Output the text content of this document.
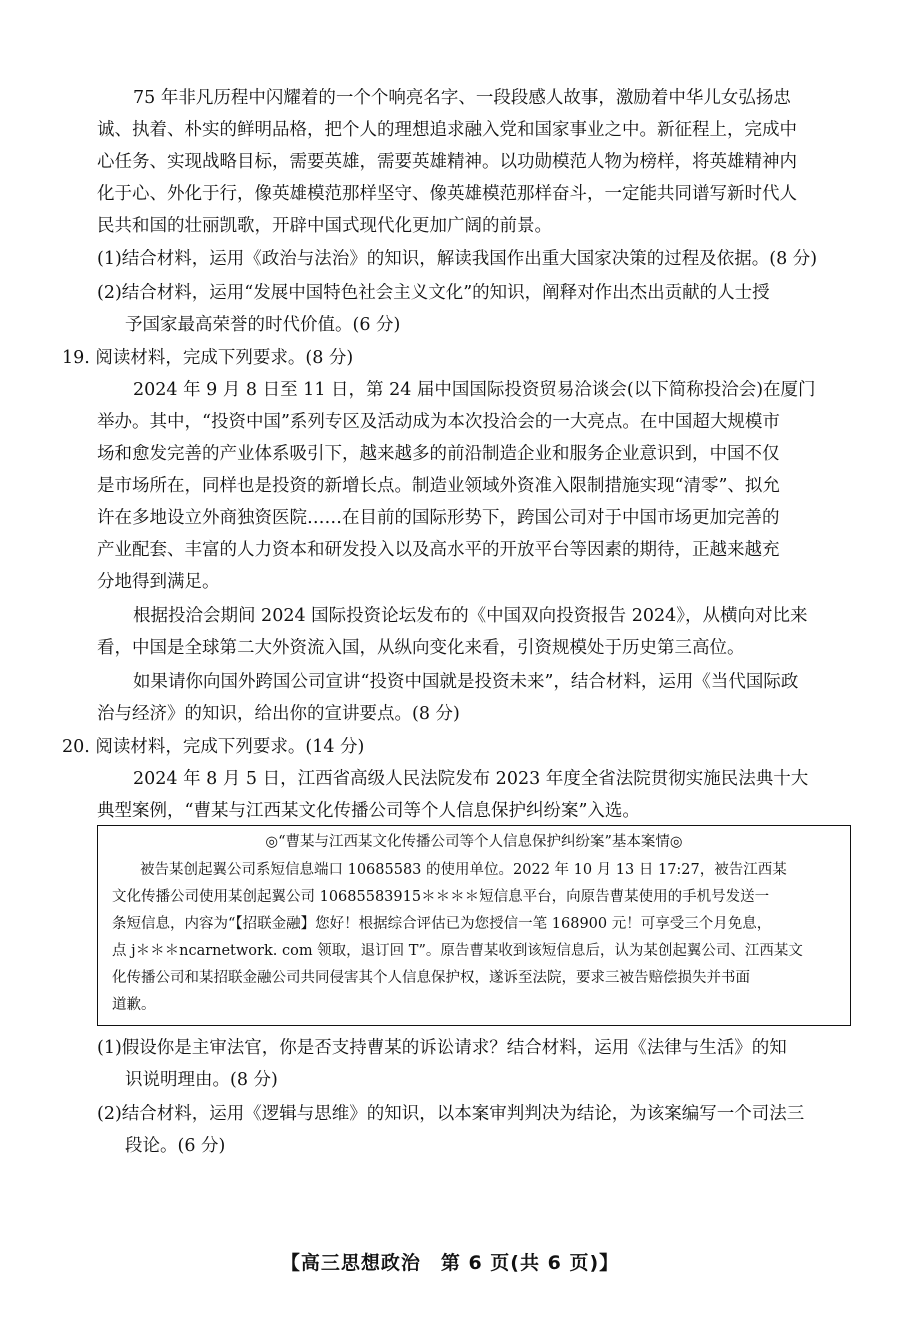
75 年非凡历程中闪耀着的一个个响亮名字、一段段感人故事，激励着中华儿女弘扬忠
诚、执着、朴实的鲜明品格，把个人的理想追求融入党和国家事业之中。新征程上，完成中
心任务、实现战略目标，需要英雄，需要英雄精神。以功勋模范人物为榜样，将英雄精神内
化于心、外化于行，像英雄模范那样坚守、像英雄模范那样奋斗，一定能共同谱写新时代人
民共和国的壮丽凯歌，开辟中国式现代化更加广阔的前景。
(1)结合材料，运用《政治与法治》的知识，解读我国作出重大国家决策的过程及依据。(8 分)
(2)结合材料，运用“发展中国特色社会主义文化”的知识，阐释对作出杰出贡献的人士授
予国家最高荣誉的时代价值。(6 分)
19. 阅读材料，完成下列要求。(8 分)
2024 年 9 月 8 日至 11 日，第 24 届中国国际投资贸易洽谈会(以下简称投洽会)在厦门
举办。其中，“投资中国”系列专区及活动成为本次投洽会的一大亮点。在中国超大规模市
场和愈发完善的产业体系吸引下，越来越多的前沿制造企业和服务企业意识到，中国不仅
是市场所在，同样也是投资的新增长点。制造业领域外资准入限制措施实现“清零”、拟允
许在多地设立外商独资医院……在目前的国际形势下，跨国公司对于中国市场更加完善的
产业配套、丰富的人力资本和研发投入以及高水平的开放平台等因素的期待，正越来越充
分地得到满足。
根据投洽会期间 2024 国际投资论坛发布的《中国双向投资报告 2024》，从横向对比来
看，中国是全球第二大外资流入国，从纵向变化来看，引资规模处于历史第三高位。
如果请你向国外跨国公司宣讲“投资中国就是投资未来”，结合材料，运用《当代国际政
治与经济》的知识，给出你的宣讲要点。(8 分)
20. 阅读材料，完成下列要求。(14 分)
2024 年 8 月 5 日，江西省高级人民法院发布 2023 年度全省法院贯彻实施民法典十大
◎“曹某与江西某文化传播公司等个人信息保护纠纷案”基本案情◎
被告某创起翼公司系短信息端口 10685583 的使用单位。2022 年 10 月 13 日 17:27，被告江西某
文化传播公司使用某创起翼公司 10685583915＊＊＊＊短信息平台，向原告曹某使用的手机号发送一
条短信息，内容为“【招联金融】您好！根据综合评估已为您授信一笔 168900 元！可享受三个月免息，
点 j＊＊＊ncarnetwork. com 领取，退订回 T”。原告曹某收到该短信息后，认为某创起翼公司、江西某文
化传播公司和某招联金融公司共同侵害其个人信息保护权，遂诉至法院，要求三被告赔偿损失并书面
道歉。
(1)假设你是主审法官，你是否支持曹某的诉讼请求？结合材料，运用《法律与生活》的知
识说明理由。(8 分)
(2)结合材料，运用《逻辑与思维》的知识，以本案审判判决为结论，为该案编写一个司法三
段论。(6 分)
【高三思想政治　第 6 页(共 6 页)】
典型案例，“曹某与江西某文化传播公司等个人信息保护纠纷案”入选。
